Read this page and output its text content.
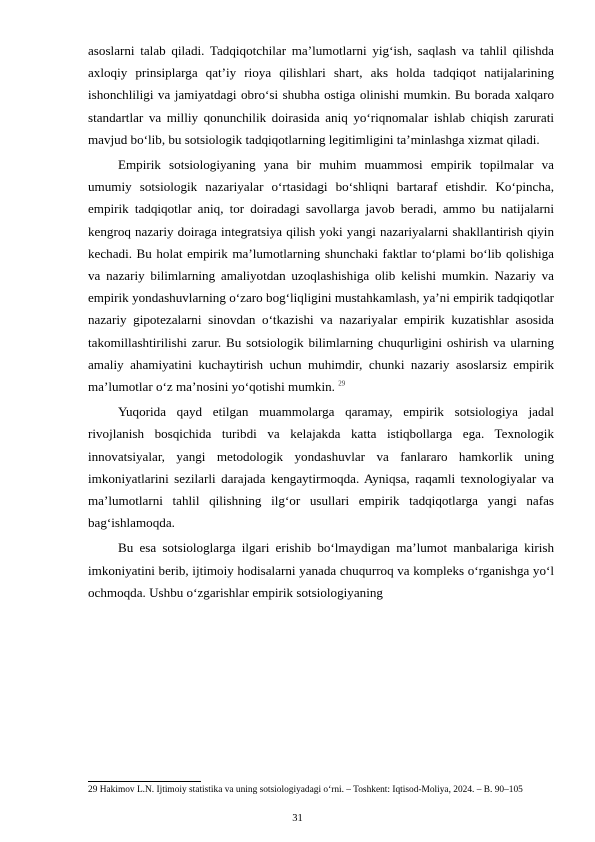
asoslarni talab qiladi. Tadqiqotchilar ma’lumotlarni yig‘ish, saqlash va tahlil qilishda axloqiy prinsiplarga qat’iy rioya qilishlari shart, aks holda tadqiqot natijalarining ishonchliligi va jamiyatdagi obro‘si shubha ostiga olinishi mumkin. Bu borada xalqaro standartlar va milliy qonunchilik doirasida aniq yo‘riqnomalar ishlab chiqish zarurati mavjud bo‘lib, bu sotsiologik tadqiqotlarning legitimligini ta’minlashga xizmat qiladi.

Empirik sotsiologiyaning yana bir muhim muammosi empirik topilmalar va umumiy sotsiologik nazariyalar o‘rtasidagi bo‘shliqni bartaraf etishdir. Ko‘pincha, empirik tadqiqotlar aniq, tor doiradagi savollarga javob beradi, ammo bu natijalarni kengroq nazariy doiraga integratsiya qilish yoki yangi nazariyalarni shakllantirish qiyin kechadi. Bu holat empirik ma’lumotlarning shunchaki faktlar to‘plami bo‘lib qolishiga va nazariy bilimlarning amaliyotdan uzoqlashishiga olib kelishi mumkin. Nazariy va empirik yondashuvlarning o‘zaro bog‘liqligini mustahkamlash, ya’ni empirik tadqiqotlar nazariy gipotezalarni sinovdan o‘tkazishi va nazariyalar empirik kuzatishlar asosida takomillashtirilishi zarur. Bu sotsiologik bilimlarning chuqurligini oshirish va ularning amaliy ahamiyatini kuchaytirish uchun muhimdir, chunki nazariy asoslarsiz empirik ma’lumotlar o‘z ma’nosini yo‘qotishi mumkin. $^{29}$

Yuqorida qayd etilgan muammolarga qaramay, empirik sotsiologiya jadal rivojlanish bosqichida turibdi va kelajakda katta istiqbollarga ega. Texnologik innovatsiyalar, yangi metodologik yondashuvlar va fanlararo hamkorlik uning imkoniyatlarini sezilarli darajada kengaytirmoqda. Ayniqsa, raqamli texnologiyalar va ma’lumotlarni tahlil qilishning ilg‘or usullari empirik tadqiqotlarga yangi nafas bag‘ishlamoqda.

Bu esa sotsiologlarga ilgari erishib bo‘lmaydigan ma’lumot manbalariga kirish imkoniyatini berib, ijtimoiy hodisalarni yanada chuqurroq va kompleks o‘rganishga yo‘l ochmoqda. Ushbu o‘zgarishlar empirik sotsiologiyaning

29 Hakimov L.N. Ijtimoiy statistika va uning sotsiologiyadagi o‘rni. – Toshkent: Iqtisod-Moliya, 2024. – B. 90–105

31
